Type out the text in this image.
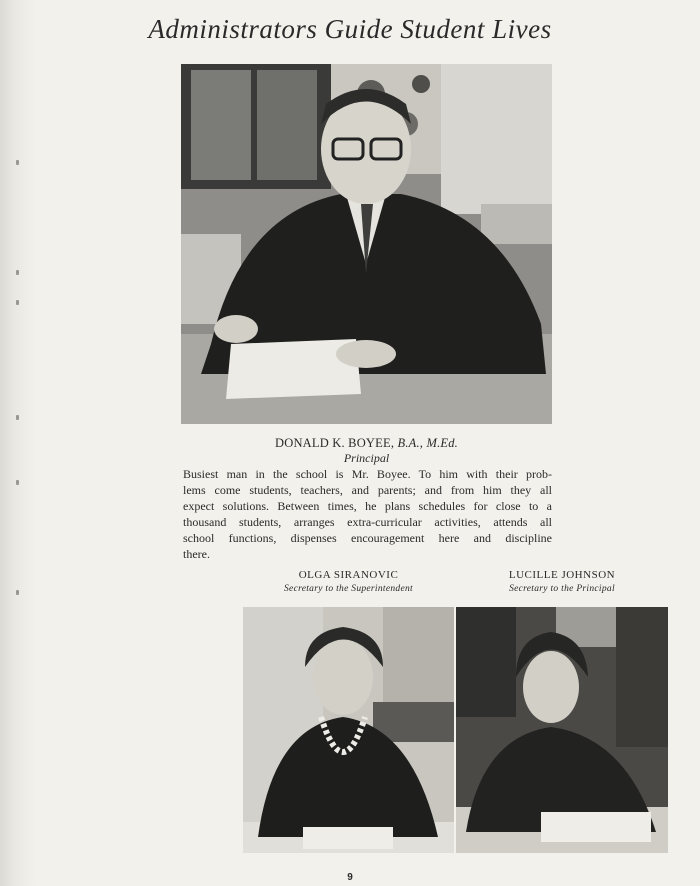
Administrators Guide Student Lives
DONALD K. BOYEE, B.A., M.Ed.
Principal
Busiest man in the school is Mr. Boyee. To him with their prob-
lems come students, teachers, and parents; and from him they all
expect solutions. Between times, he plans schedules for close to a
thousand students, arranges extra-curricular activities, attends all
school functions, dispenses encouragement here and discipline
there.
OLGA SIRANOVIC
Secretary to the Superintendent
LUCILLE JOHNSON
Secretary to the Principal
9
